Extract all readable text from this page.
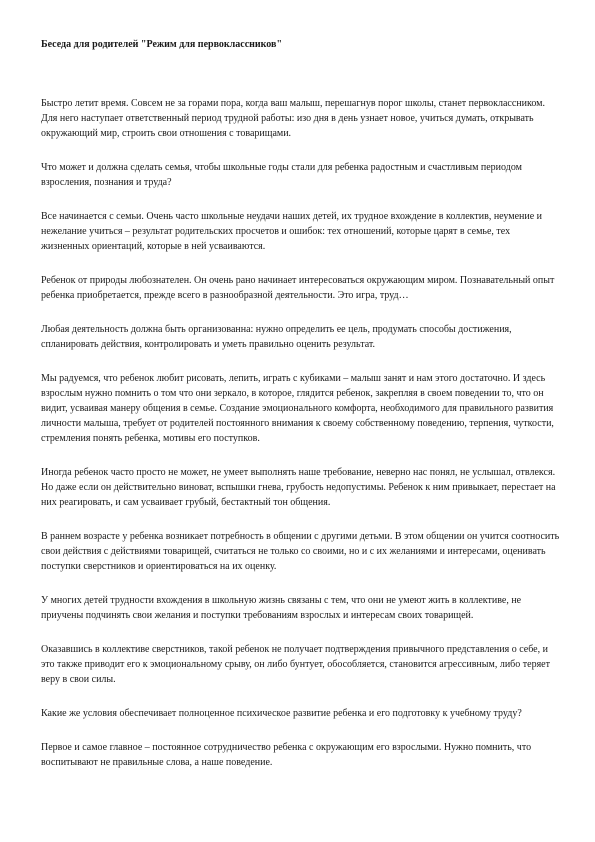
Беседа для родителей "Режим для первоклассников"

Быстро летит время. Совсем не за горами пора, когда ваш малыш, перешагнув порог школы, станет первоклассником. Для него наступает ответственный период трудной работы: изо дня в день узнает новое, учиться думать, открывать окружающий мир, строить свои отношения с товарищами.

Что может и должна сделать семья, чтобы школьные годы стали для ребенка радостным и счастливым периодом взросления, познания и труда?

Все начинается с семьи. Очень часто школьные неудачи наших детей, их трудное вхождение в коллектив, неумение и нежелание учиться – результат родительских просчетов и ошибок: тех отношений, которые царят в семье, тех жизненных ориентаций, которые в ней усваиваются.

Ребенок от природы любознателен. Он очень рано начинает интересоваться окружающим миром. Познавательный опыт ребенка приобретается, прежде всего в разнообразной деятельности. Это игра, труд…

Любая деятельность должна быть организованна: нужно определить ее цель, продумать способы достижения, спланировать действия, контролировать и уметь правильно оценить результат.

Мы радуемся, что ребенок любит рисовать, лепить, играть с кубиками – малыш занят и нам этого достаточно. И здесь взрослым нужно помнить о том что они зеркало, в которое, глядится ребенок, закрепляя в своем поведении то, что он видит, усваивая манеру общения в семье. Создание эмоционального комфорта, необходимого для правильного развития личности малыша, требует от родителей постоянного внимания к своему собственному поведению, терпения, чуткости, стремления понять ребенка, мотивы его поступков.

Иногда ребенок часто просто не может, не умеет выполнять наше требование, неверно нас понял, не услышал, отвлекся. Но даже если он действительно виноват, вспышки гнева, грубость недопустимы. Ребенок к ним привыкает, перестает на них реагировать, и сам усваивает грубый, бестактный тон общения.

В раннем возрасте у ребенка возникает потребность в общении с другими детьми. В этом общении он учится соотносить свои действия с действиями товарищей, считаться не только со своими, но и с их желаниями и интересами, оценивать поступки сверстников и ориентироваться на их оценку.

У многих детей трудности вхождения в школьную жизнь связаны с тем, что они не умеют жить в коллективе, не приучены подчинять свои желания и поступки требованиям взрослых и интересам своих товарищей.

Оказавшись в коллективе сверстников, такой ребенок не получает подтверждения привычного представления о себе, и это также приводит его к эмоциональному срыву, он либо бунтует, обособляется, становится агрессивным, либо теряет веру в свои силы.

Какие же условия обеспечивает полноценное психическое развитие ребенка и его подготовку к учебному труду?

Первое и самое главное – постоянное сотрудничество ребенка с окружающим его взрослыми. Нужно помнить, что воспитывают не правильные слова, а наше поведение.
